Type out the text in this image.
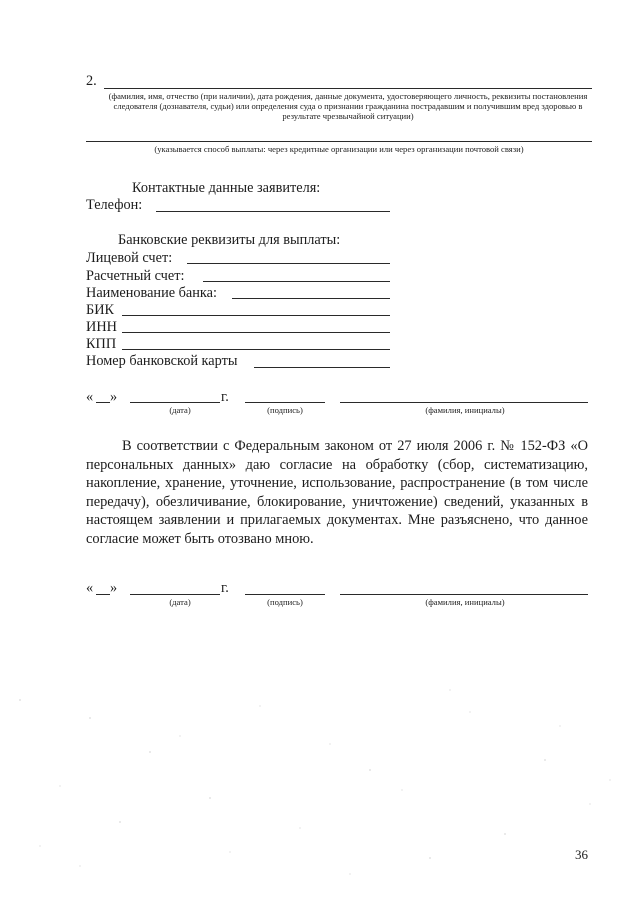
2.
(фамилия, имя, отчество (при наличии), дата рождения, данные документа, удостоверяющего личность, реквизиты постановления следователя (дознавателя, судьи) или определения суда о признании гражданина пострадавшим и получившим вред здоровью в результате чрезвычайной ситуации)
(указывается способ выплаты: через кредитные организации или через организации почтовой связи)
Контактные данные заявителя:
Телефон:
Банковские реквизиты для выплаты:
Лицевой счет:
Расчетный счет:
Наименование банка:
БИК
ИНН
КПП
Номер банковской карты
« »	г.
(дата)	(подпись)	(фамилия, инициалы)
В соответствии с Федеральным законом от 27 июля 2006 г. № 152-ФЗ «О персональных данных» даю согласие на обработку (сбор, систематизацию, накопление, хранение, уточнение, использование, распространение (в том числе передачу), обезличивание, блокирование, уничтожение) сведений, указанных в настоящем заявлении и прилагаемых документах. Мне разъяснено, что данное согласие может быть отозвано мною.
« »	г.
(дата)	(подпись)	(фамилия, инициалы)
36
